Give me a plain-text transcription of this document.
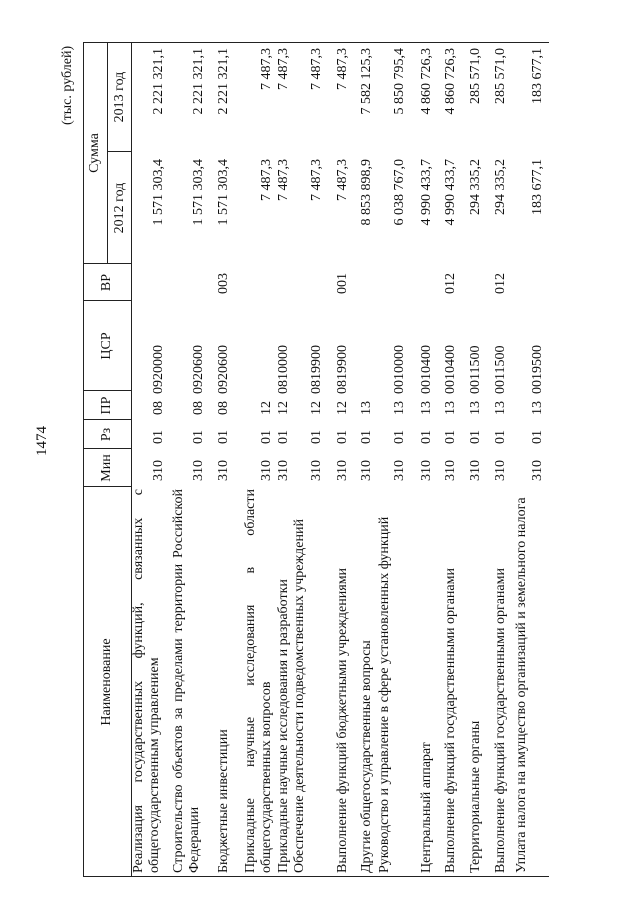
1474
(тыс. рублей)
Наименование
Мин
Рз
ПР
ЦСР
ВР
Сумма
2012 год
2013 год
Реализация государственных функций, связанных с общегосударственным управлением
310
01
08
0920000
1 571 303,4
2 221 321,1
Строительство объектов за пределами территории Российской Федерации
310
01
08
0920600
1 571 303,4
2 221 321,1
Бюджетные инвестиции
310
01
08
0920600
003
1 571 303,4
2 221 321,1
Прикладные научные исследования в области общегосударственных вопросов
310
01
12
7 487,3
7 487,3
Прикладные научные исследования и разработки
310
01
12
0810000
7 487,3
7 487,3
Обеспечение деятельности подведомственных учреждений
310
01
12
0819900
7 487,3
7 487,3
Выполнение функций бюджетными учреждениями
310
01
12
0819900
001
7 487,3
7 487,3
Другие общегосударственные вопросы
310
01
13
8 853 898,9
7 582 125,3
Руководство и управление в сфере установленных функций
310
01
13
0010000
6 038 767,0
5 850 795,4
Центральный аппарат
310
01
13
0010400
4 990 433,7
4 860 726,3
Выполнение функций государственными органами
310
01
13
0010400
012
4 990 433,7
4 860 726,3
Территориальные органы
310
01
13
0011500
294 335,2
285 571,0
Выполнение функций государственными органами
310
01
13
0011500
012
294 335,2
285 571,0
Уплата налога на имущество организаций и земельного налога
310
01
13
0019500
183 677,1
183 677,1
